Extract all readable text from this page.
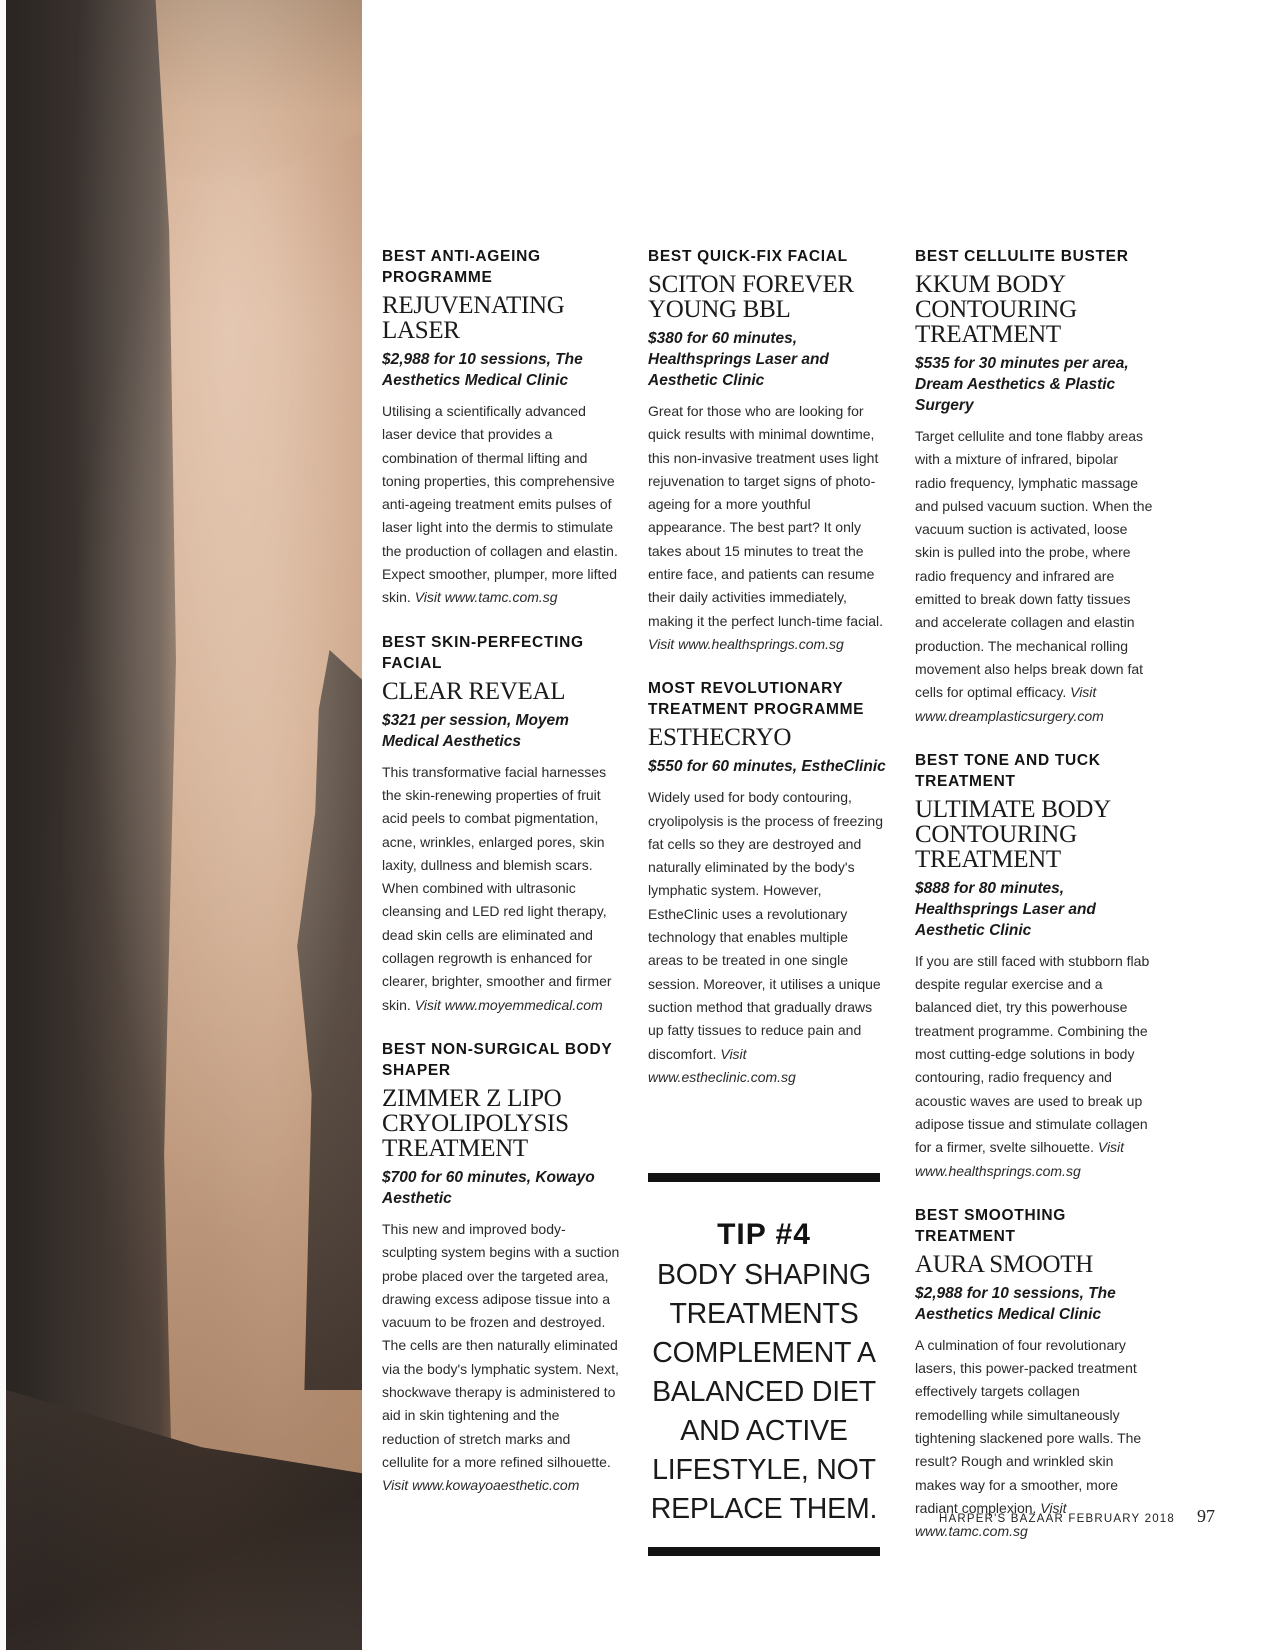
BEST ANTI-AGEING PROGRAMME

REJUVENATING LASER

$2,988 for 10 sessions, The Aesthetics Medical Clinic

Utilising a scientifically advanced laser device that provides a combination of thermal lifting and toning properties, this comprehensive anti-ageing treatment emits pulses of laser light into the dermis to stimulate the production of collagen and elastin. Expect smoother, plumper, more lifted skin. Visit www.tamc.com.sg

BEST SKIN-PERFECTING FACIAL

CLEAR REVEAL

$321 per session, Moyem Medical Aesthetics

This transformative facial harnesses the skin-renewing properties of fruit acid peels to combat pigmentation, acne, wrinkles, enlarged pores, skin laxity, dullness and blemish scars. When combined with ultrasonic cleansing and LED red light therapy, dead skin cells are eliminated and collagen regrowth is enhanced for clearer, brighter, smoother and firmer skin. Visit www.moyemmedical.com

BEST NON-SURGICAL BODY SHAPER

ZIMMER Z LIPO CRYOLIPOLYSIS TREATMENT

$700 for 60 minutes, Kowayo Aesthetic

This new and improved body-sculpting system begins with a suction probe placed over the targeted area, drawing excess adipose tissue into a vacuum to be frozen and destroyed. The cells are then naturally eliminated via the body's lymphatic system. Next, shockwave therapy is administered to aid in skin tightening and the reduction of stretch marks and cellulite for a more refined silhouette. Visit www.kowayoaesthetic.com

BEST QUICK-FIX FACIAL

SCITON FOREVER YOUNG BBL

$380 for 60 minutes, Healthsprings Laser and Aesthetic Clinic

Great for those who are looking for quick results with minimal downtime, this non-invasive treatment uses light rejuvenation to target signs of photo-ageing for a more youthful appearance. The best part? It only takes about 15 minutes to treat the entire face, and patients can resume their daily activities immediately, making it the perfect lunch-time facial. Visit www.healthsprings.com.sg

MOST REVOLUTIONARY TREATMENT PROGRAMME

ESTHECRYO

$550 for 60 minutes, EstheClinic

Widely used for body contouring, cryolipolysis is the process of freezing fat cells so they are destroyed and naturally eliminated by the body's lymphatic system. However, EstheClinic uses a revolutionary technology that enables multiple areas to be treated in one single session. Moreover, it utilises a unique suction method that gradually draws up fatty tissues to reduce pain and discomfort. Visit www.estheclinic.com.sg

TIP #4

BODY SHAPING TREATMENTS COMPLEMENT A BALANCED DIET AND ACTIVE LIFESTYLE, NOT REPLACE THEM.

BEST CELLULITE BUSTER

KKUM BODY CONTOURING TREATMENT

$535 for 30 minutes per area, Dream Aesthetics & Plastic Surgery

Target cellulite and tone flabby areas with a mixture of infrared, bipolar radio frequency, lymphatic massage and pulsed vacuum suction. When the vacuum suction is activated, loose skin is pulled into the probe, where radio frequency and infrared are emitted to break down fatty tissues and accelerate collagen and elastin production. The mechanical rolling movement also helps break down fat cells for optimal efficacy. Visit www.dreamplasticsurgery.com

BEST TONE AND TUCK TREATMENT

ULTIMATE BODY CONTOURING TREATMENT

$888 for 80 minutes, Healthsprings Laser and Aesthetic Clinic

If you are still faced with stubborn flab despite regular exercise and a balanced diet, try this powerhouse treatment programme. Combining the most cutting-edge solutions in body contouring, radio frequency and acoustic waves are used to break up adipose tissue and stimulate collagen for a firmer, svelte silhouette. Visit www.healthsprings.com.sg

BEST SMOOTHING TREATMENT

AURA SMOOTH

$2,988 for 10 sessions, The Aesthetics Medical Clinic

A culmination of four revolutionary lasers, this power-packed treatment effectively targets collagen remodelling while simultaneously tightening slackened pore walls. The result? Rough and wrinkled skin makes way for a smoother, more radiant complexion. Visit www.tamc.com.sg

HARPER'S BAZAAR FEBRUARY 2018 97
